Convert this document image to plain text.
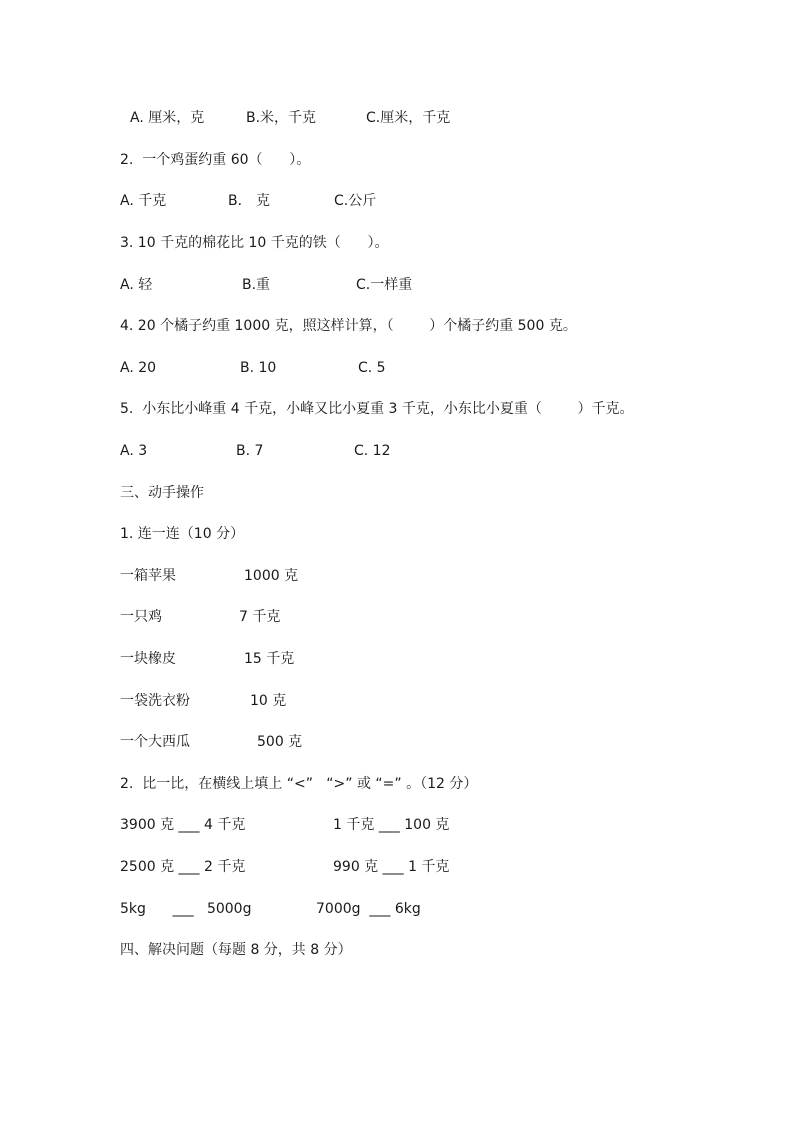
A. 厘米，克	B.米，千克	C.厘米，千克
2.  一个鸡蛋约重 60（      ）。
A. 千克	B． 克	C.公斤
3. 10 千克的棉花比 10 千克的铁（      ）。
A. 轻	B.重	C.一样重
4. 20 个橘子约重 1000 克，照这样计算，（        ）个橘子约重 500 克。
A. 20	B. 10	C. 5
5.  小东比小峰重 4 千克，小峰又比小夏重 3 千克，小东比小夏重（        ）千克。
A. 3	B. 7	C. 12
三、动手操作
1. 连一连（10 分）
一箱苹果	1000 克
一只鸡	7 千克
一块橡皮	15 千克
一袋洗衣粉	10 克
一个大西瓜	500 克
2.  比一比，在横线上填上 “<”   “>” 或 “=” 。（12 分）
3900 克 ___ 4 千克	1 千克 ___ 100 克
2500 克 ___ 2 千克	990 克 ___ 1 千克
5kg      ___   5000g	7000g  ___ 6kg
四、解决问题（每题 8 分，共 8 分）
